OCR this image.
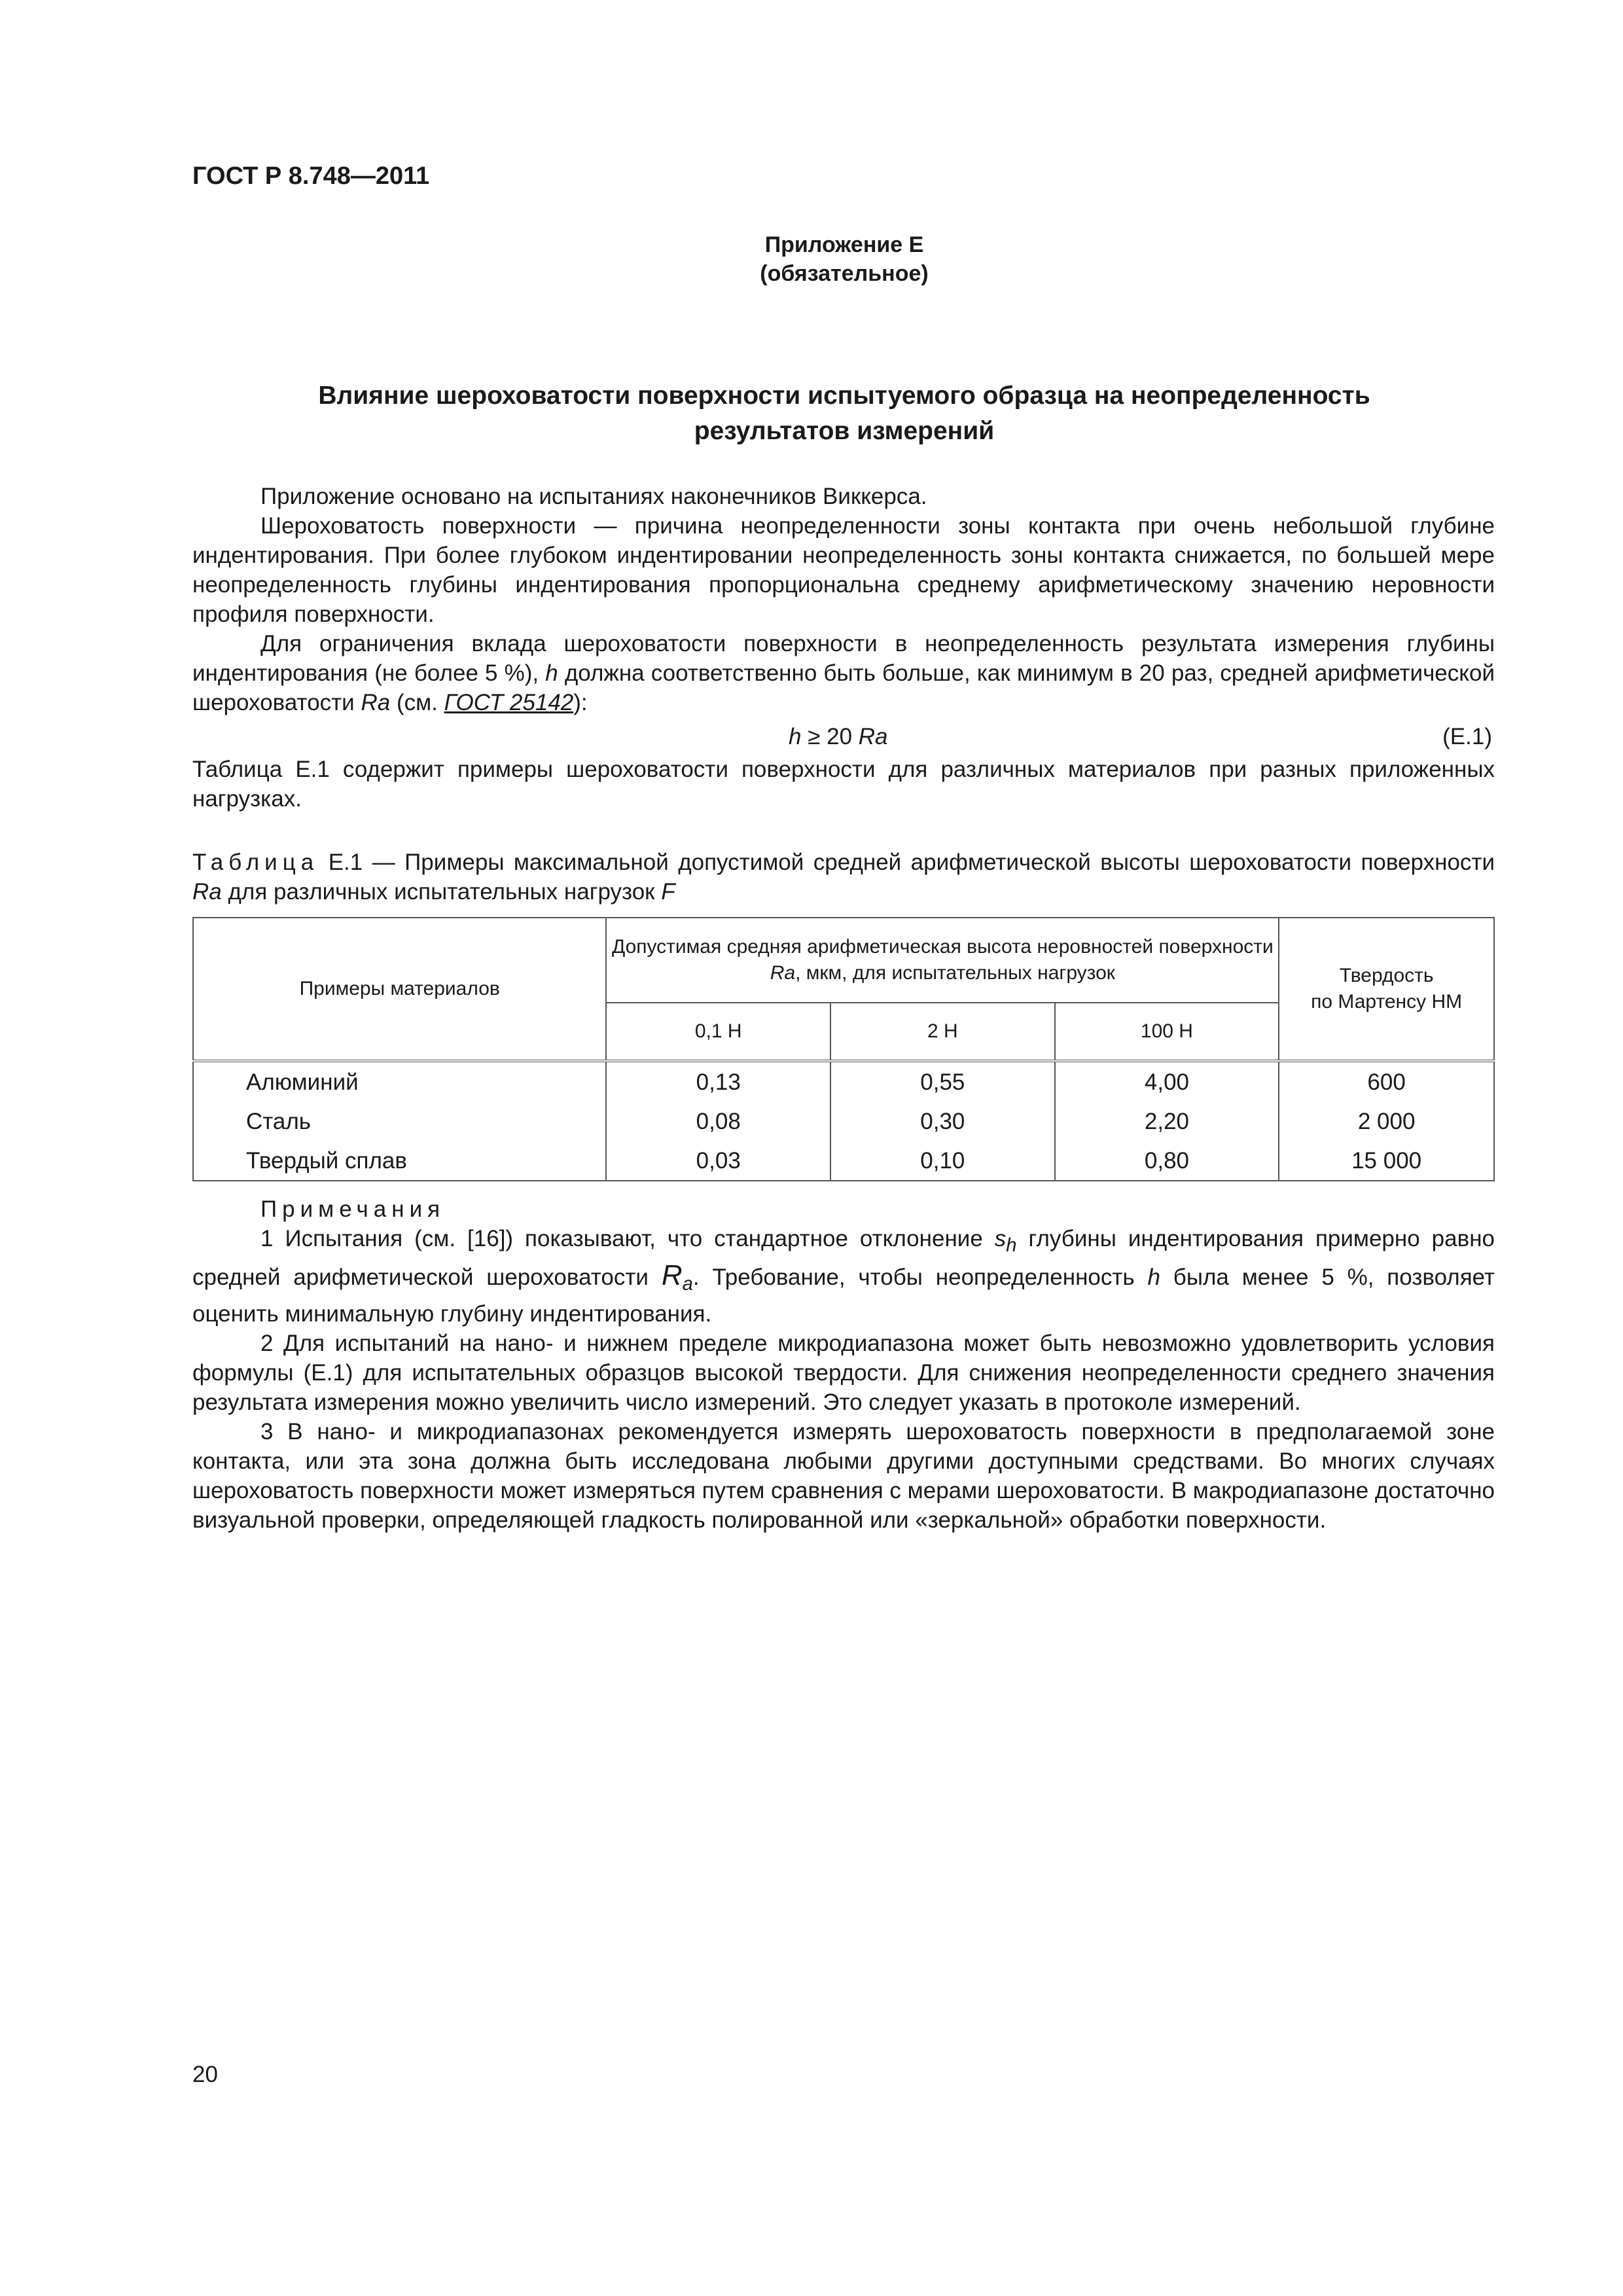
ГОСТ Р 8.748—2011
Приложение Е
(обязательное)
Влияние шероховатости поверхности испытуемого образца на неопределенность
результатов измерений

Приложение основано на испытаниях наконечников Виккерса.

Шероховатость поверхности — причина неопределенности зоны контакта при очень небольшой глубине индентирования. При более глубоком индентировании неопределенность зоны контакта снижается, по большей мере неопределенность глубины индентирования пропорциональна среднему арифметическому значению неровности профиля поверхности.

Для ограничения вклада шероховатости поверхности в неопределенность результата измерения глубины индентирования (не более 5 %), h должна соответственно быть больше, как минимум в 20 раз, средней арифметической шероховатости Ra (см. ГОСТ 25142):

h ≥ 20 Ra	(Е.1)

Таблица Е.1 содержит примеры шероховатости поверхности для различных материалов при разных приложенных нагрузках.

Таблица Е.1 — Примеры максимальной допустимой средней арифметической высоты шероховатости поверхности Ra для различных испытательных нагрузок F

Примеры материалов	Допустимая средняя арифметическая высота неровностей поверхности Ra, мкм, для испытательных нагрузок			Твердость
по Мартенсу НМ

	0,1 Н	2 Н	100 Н	
Алюминий	0,13	0,55	4,00	600
Сталь	0,08	0,30	2,20	2 000
Твердый сплав	0,03	0,10	0,80	15 000

Примечания

1 Испытания (см. [16]) показывают, что стандартное отклонение $s_h$ глубины индентирования примерно равно средней арифметической шероховатости $R_a$. Требование, чтобы неопределенность h была менее 5 %, позволяет оценить минимальную глубину индентирования.

2 Для испытаний на нано- и нижнем пределе микродиапазона может быть невозможно удовлетворить условия формулы (Е.1) для испытательных образцов высокой твердости. Для снижения неопределенности среднего значения результата измерения можно увеличить число измерений. Это следует указать в протоколе измерений.

3 В нано- и микродиапазонах рекомендуется измерять шероховатость поверхности в предполагаемой зоне контакта, или эта зона должна быть исследована любыми другими доступными средствами. Во многих случаях шероховатость поверхности может измеряться путем сравнения с мерами шероховатости. В макродиапазоне достаточно визуальной проверки, определяющей гладкость полированной или «зеркальной» обработки поверхности.

20
